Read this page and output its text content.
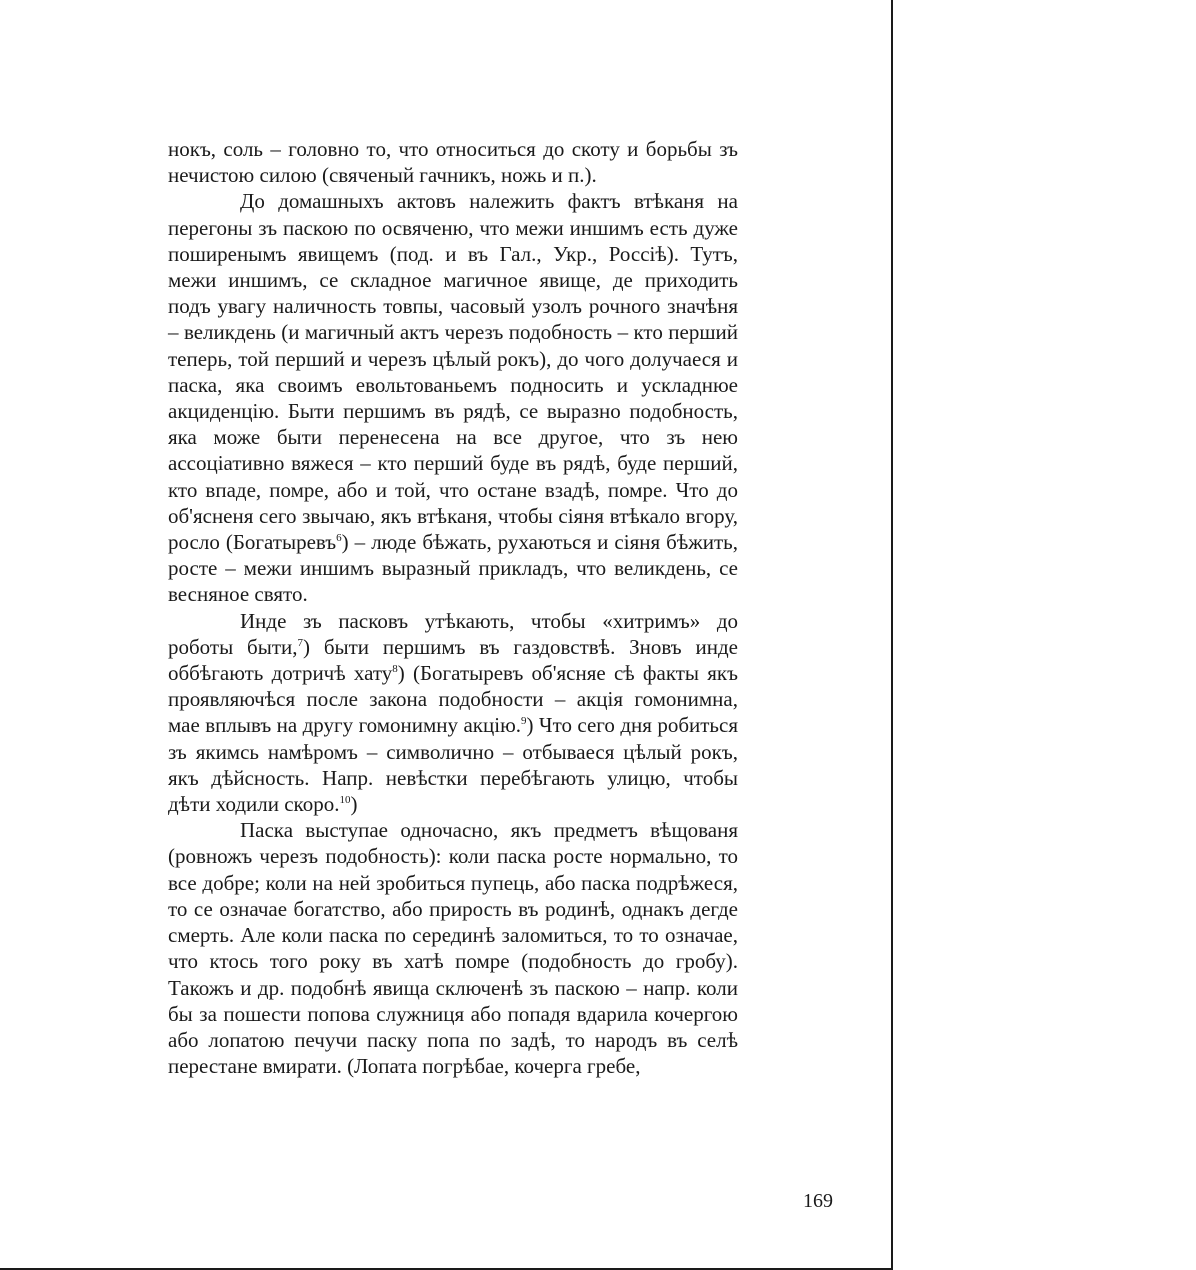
нокъ, соль – головно то, что относиться до скоту и борьбы зъ нечистою силою (свяченый гачникъ, ножь и п.).

До домашныхъ актовъ належить фактъ втѣканя на перегоны зъ паскою по освяченю, что межи иншимъ есть дуже поширенымъ явищемъ (под. и въ Гал., Укр., Россіѣ). Тутъ, межи иншимъ, се складное магичное явище, де приходить подъ увагу наличность товпы, часовый узолъ рочного значѣня – великдень (и магичный актъ черезъ подобность – кто перший теперь, той перший и черезъ цѣлый рокъ), до чого долучаеся и паска, яка своимъ евольтованьемъ подносить и ускладнюе акциденцію. Быти першимъ въ рядѣ, се выразно подобность, яка може быти перенесена на все другое, что зъ нею ассоціативно вяжеся – кто перший буде въ рядѣ, буде перший, кто впаде, помре, або и той, что остане взадѣ, помре. Что до об'ясненя сего звычаю, якъ втѣканя, чтобы сіяня втѣкало вгору, росло (Богатыревъ$^6$) – люде бѣжать, рухаються и сіяня бѣжить, росте – межи иншимъ выразный прикладъ, что великдень, се весняное свято.

Инде зъ пасковъ утѣкають, чтобы «хитримъ» до роботы быти,$^7$) быти першимъ въ газдовствѣ. Зновъ инде оббѣгають дотричѣ хату$^8$) (Богатыревъ об'ясняе сѣ факты якъ проявляючѣся после закона подобности – акція гомонимна, мае вплывъ на другу гомонимну акцію.$^9$) Что сего дня робиться зъ якимсь намѣромъ – символично – отбываеся цѣлый рокъ, якъ дѣйсность. Напр. невѣстки перебѣгають улицю, чтобы дѣти ходили скоро.$^{10}$)

Паска выступае одночасно, якъ предметъ вѣщованя (ровножъ черезъ подобность): коли паска росте нормально, то все добре; коли на ней зробиться пупець, або паска подрѣжеся, то се означае богатство, або прирость въ родинѣ, однакъ дегде смерть. Але коли паска по серединѣ заломиться, то то означае, что ктось того року въ хатѣ помре (подобность до гробу). Такожъ и др. подобнѣ явища сключенѣ зъ паскою – напр. коли бы за пошести попова служниця або попадя вдарила кочергою або лопатою печучи паску попа по задѣ, то народъ въ селѣ перестане вмирати. (Лопата погрѣбае, кочерга гребе,

169
